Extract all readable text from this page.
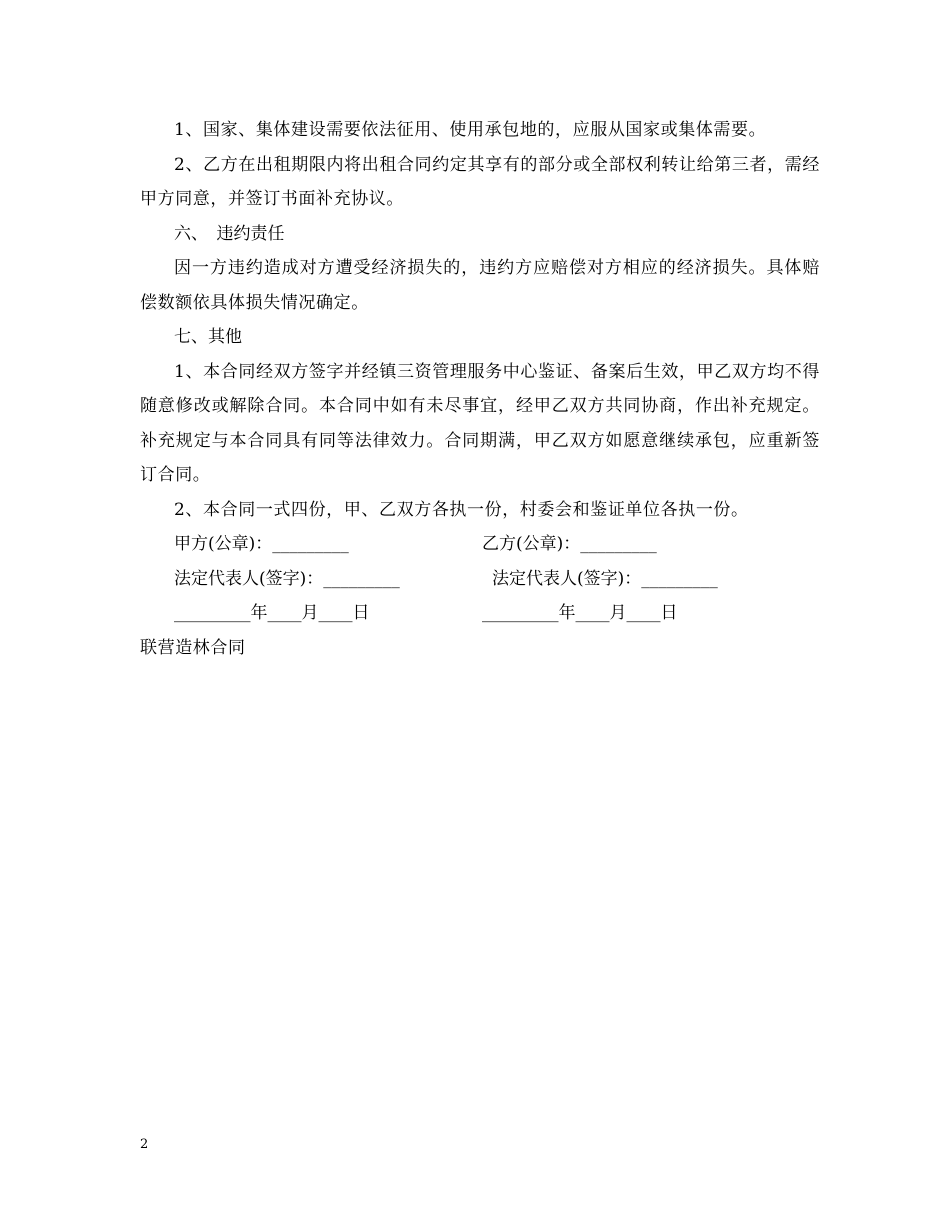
1、国家、集体建设需要依法征用、使用承包地的，应服从国家或集体需要。

2、乙方在出租期限内将出租合同约定其享有的部分或全部权利转让给第三者，需经甲方同意，并签订书面补充协议。

六、　违约责任

因一方违约造成对方遭受经济损失的，违约方应赔偿对方相应的经济损失。具体赔偿数额依具体损失情况确定。

七、其他

1、本合同经双方签字并经镇三资管理服务中心鉴证、备案后生效，甲乙双方均不得随意修改或解除合同。本合同中如有未尽事宜，经甲乙双方共同协商，作出补充规定。补充规定与本合同具有同等法律效力。合同期满，甲乙双方如愿意继续承包，应重新签订合同。

2、本合同一式四份，甲、乙双方各执一份，村委会和鉴证单位各执一份。

甲方(公章)：_________	乙方(公章)：_________
法定代表人(签字)：_________	法定代表人(签字)：_________
_________年____月____日	_________年____月____日

联营造林合同

2
